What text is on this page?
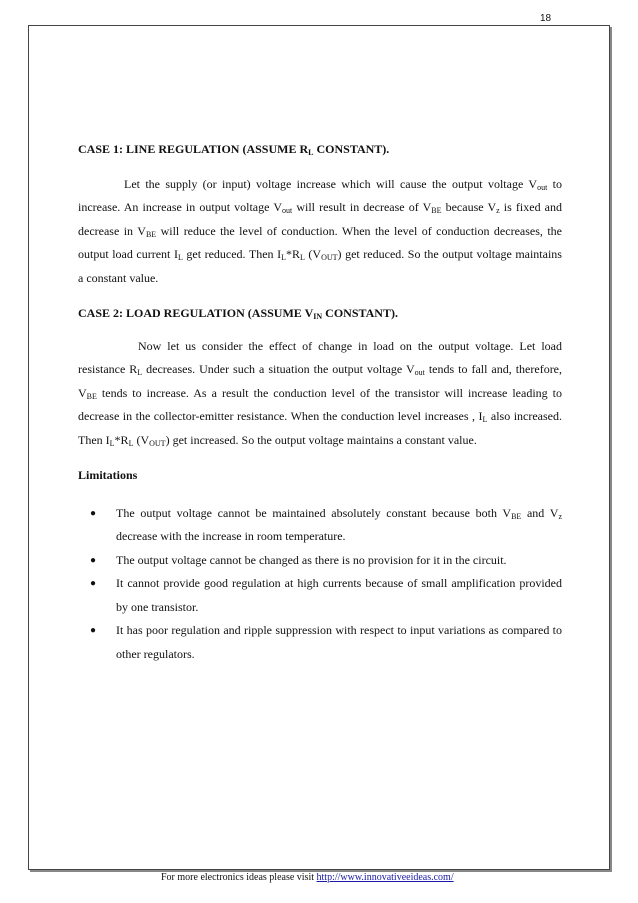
18

CASE 1: LINE REGULATION (ASSUME $R_L$ CONSTANT).

Let the supply (or input) voltage increase which will cause the output voltage $V_{out}$ to increase. An increase in output voltage $V_{out}$ will result in decrease of $V_{BE}$ because $V_z$ is fixed and decrease in $V_{BE}$ will reduce the level of conduction. When the level of conduction decreases, the output load current $I_L$ get reduced. Then $I_L*R_L$ $(V_{OUT})$ get reduced. So the output voltage maintains a constant value.

CASE 2: LOAD REGULATION (ASSUME $V_{IN}$ CONSTANT).

Now let us consider the effect of change in load on the output voltage. Let load resistance $R_L$ decreases. Under such a situation the output voltage $V_{out}$ tends to fall and, therefore, $V_{BE}$ tends to increase. As a result the conduction level of the transistor will increase leading to decrease in the collector-emitter resistance. When the conduction level increases , $I_L$ also increased. Then $I_L*R_L$ $(V_{OUT})$ get increased. So the output voltage maintains a constant value.

Limitations

● The output voltage cannot be maintained absolutely constant because both $V_{BE}$ and $V_z$ decrease with the increase in room temperature.
● The output voltage cannot be changed as there is no provision for it in the circuit.
● It cannot provide good regulation at high currents because of small amplification provided by one transistor.
● It has poor regulation and ripple suppression with respect to input variations as compared to other regulators.
For more electronics ideas please visit http://www.innovativeeideas.com/
